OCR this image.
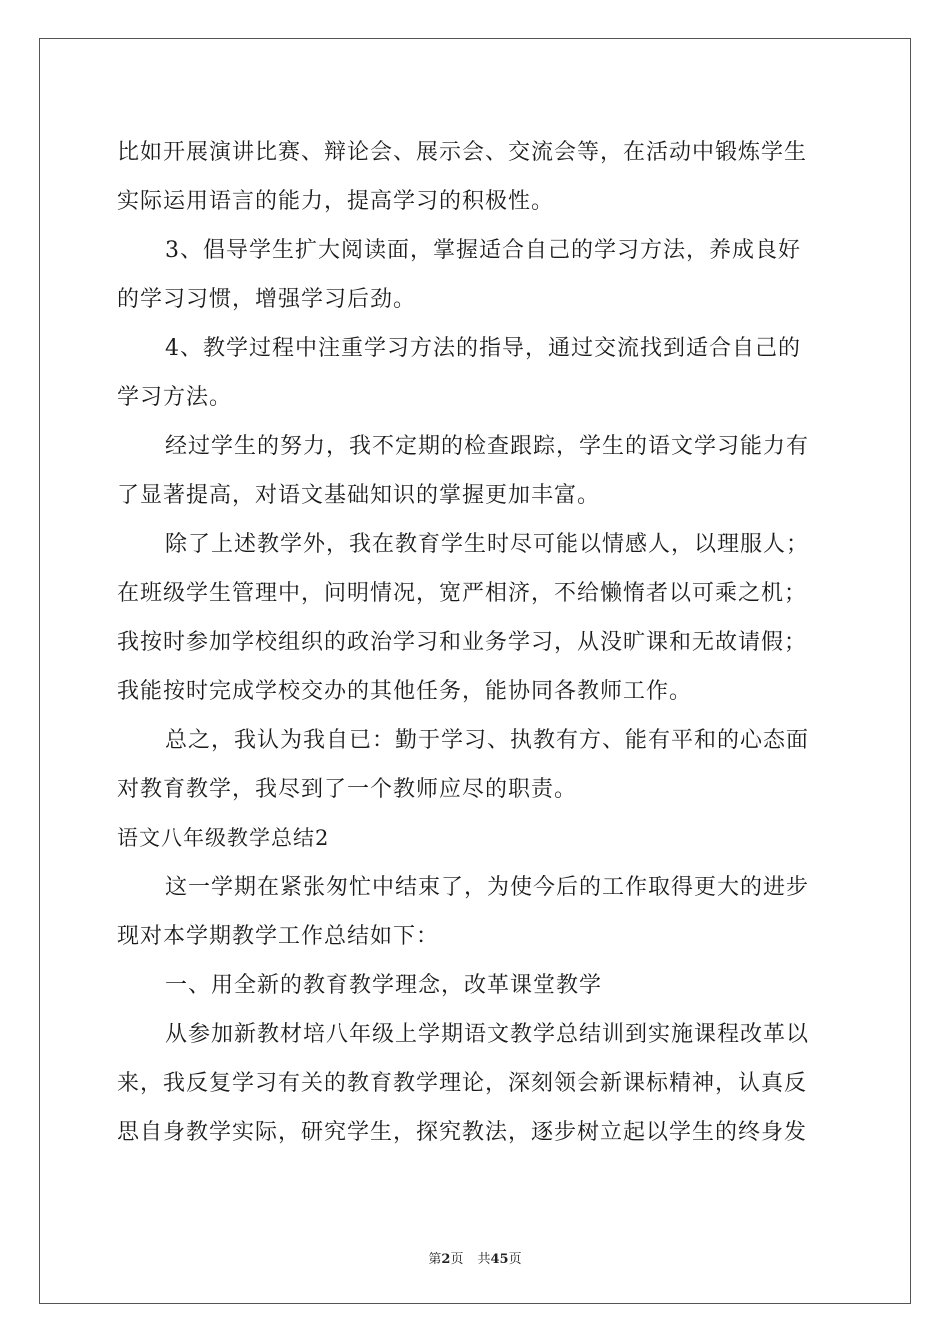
比如开展演讲比赛、辩论会、展示会、交流会等，在活动中锻炼学生
实际运用语言的能力，提高学习的积极性。
3、倡导学生扩大阅读面，掌握适合自己的学习方法，养成良好
的学习习惯，增强学习后劲。
4、教学过程中注重学习方法的指导，通过交流找到适合自己的
学习方法。
经过学生的努力，我不定期的检查跟踪，学生的语文学习能力有
了显著提高，对语文基础知识的掌握更加丰富。
除了上述教学外，我在教育学生时尽可能以情感人，以理服人；
在班级学生管理中，问明情况，宽严相济，不给懒惰者以可乘之机；
我按时参加学校组织的政治学习和业务学习，从没旷课和无故请假；
我能按时完成学校交办的其他任务，能协同各教师工作。
总之，我认为我自已：勤于学习、执教有方、能有平和的心态面
对教育教学，我尽到了一个教师应尽的职责。
语文八年级教学总结2
这一学期在紧张匆忙中结束了，为使今后的工作取得更大的进步
现对本学期教学工作总结如下：
一、用全新的教育教学理念，改革课堂教学
从参加新教材培八年级上学期语文教学总结训到实施课程改革以
来，我反复学习有关的教育教学理论，深刻领会新课标精神，认真反
思自身教学实际，研究学生，探究教法，逐步树立起以学生的终身发
第2页 共45页
